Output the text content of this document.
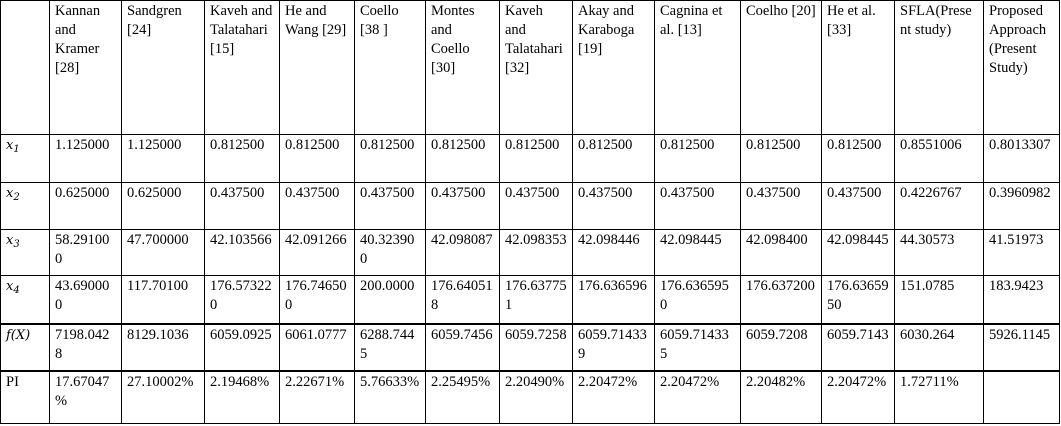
	Kannan and Kramer [28]	Sandgren [24]	Kaveh and Talatahari [15]	He and Wang [29]	Coello [38 ]	Montes and Coello [30]	Kaveh and Talatahari [32]	Akay and Karaboga [19]	Cagnina et al. [13]	Coelho [20]	He et al. [33]	SFLA(Present study)	Proposed Approach (Present Study)
$x_1$	1.125000	1.125000	0.812500	0.812500	0.812500	0.812500	0.812500	0.812500	0.812500	0.812500	0.812500	0.8551006	0.8013307
$x_2$	0.625000	0.625000	0.437500	0.437500	0.437500	0.437500	0.437500	0.437500	0.437500	0.437500	0.437500	0.4226767	0.3960982
$x_3$	58.291000	47.700000	42.103566	42.091266	40.323900	42.098087	42.098353	42.098446	42.098445	42.098400	42.098445	44.30573	41.51973
$x_4$	43.690000	117.70100	176.573220	176.746500	200.0000	176.640518	176.637751	176.636596	176.6365950	176.637200	176.6365950	151.0785	183.9423
f(X)	7198.0428	8129.1036	6059.0925	6061.0777	6288.7445	6059.7456	6059.7258	6059.714339	6059.714335	6059.7208	6059.7143	6030.264	5926.1145
PI	17.67047%	27.10002%	2.19468%	2.22671%	5.76633%	2.25495%	2.20490%	2.20472%	2.20472%	2.20482%	2.20472%	1.72711%	
